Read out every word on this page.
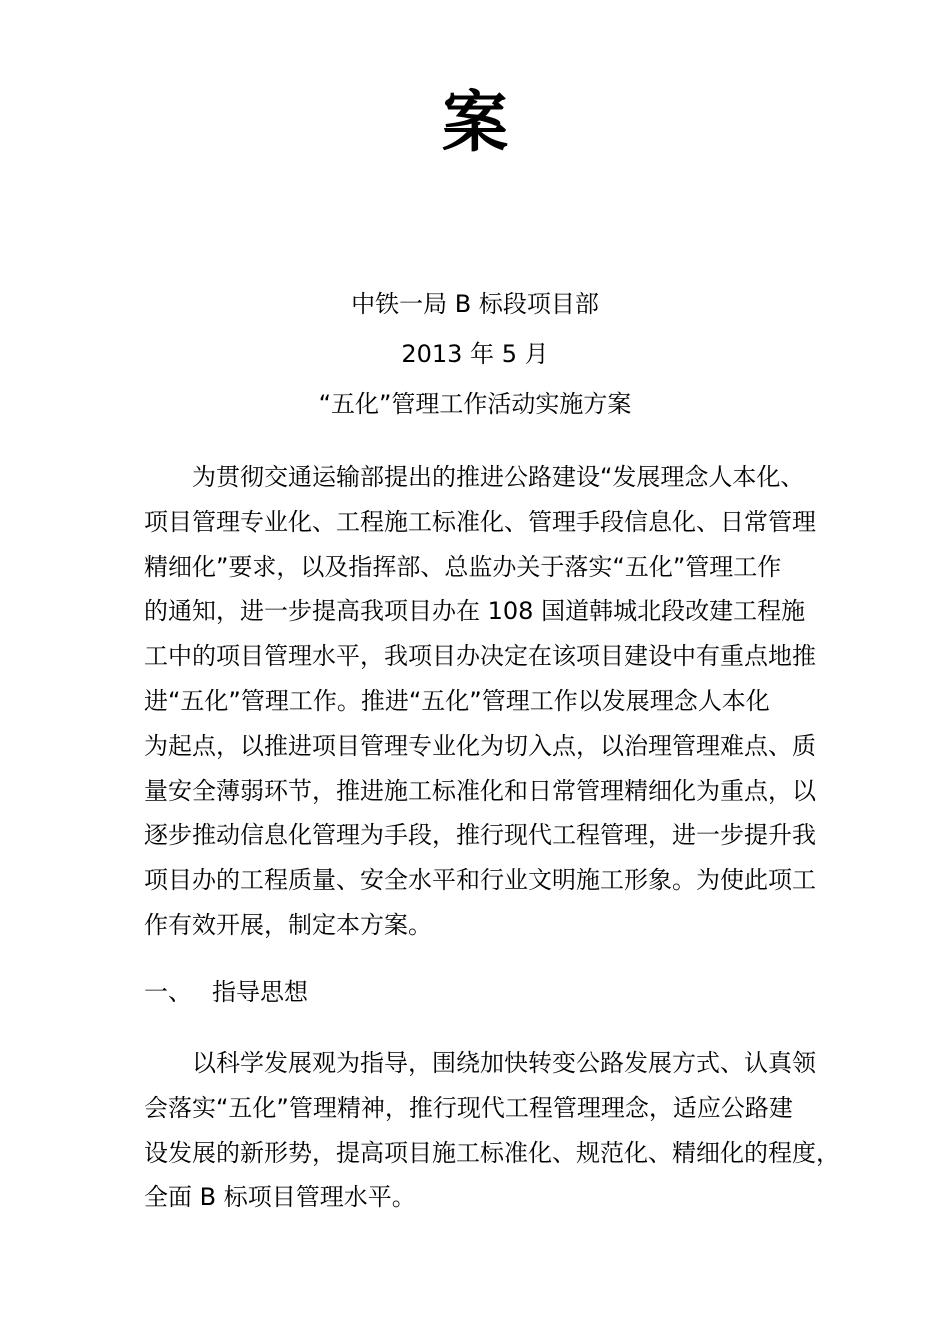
案

中铁一局 B 标段项目部

2013 年 5 月

“五化”管理工作活动实施方案

为贯彻交通运输部提出的推进公路建设“发展理念人本化、
项目管理专业化、工程施工标准化、管理手段信息化、日常管理
精细化”要求，以及指挥部、总监办关于落实“五化”管理工作
的通知，进一步提高我项目办在 108 国道韩城北段改建工程施
工中的项目管理水平，我项目办决定在该项目建设中有重点地推
进“五化”管理工作。推进“五化”管理工作以发展理念人本化
为起点，以推进项目管理专业化为切入点，以治理管理难点、质
量安全薄弱环节，推进施工标准化和日常管理精细化为重点，以
逐步推动信息化管理为手段，推行现代工程管理，进一步提升我
项目办的工程质量、安全水平和行业文明施工形象。为使此项工
作有效开展，制定本方案。

一、 指导思想

以科学发展观为指导，围绕加快转变公路发展方式、认真领
会落实“五化”管理精神，推行现代工程管理理念，适应公路建
设发展的新形势，提高项目施工标准化、规范化、精细化的程度，
全面 B 标项目管理水平。
